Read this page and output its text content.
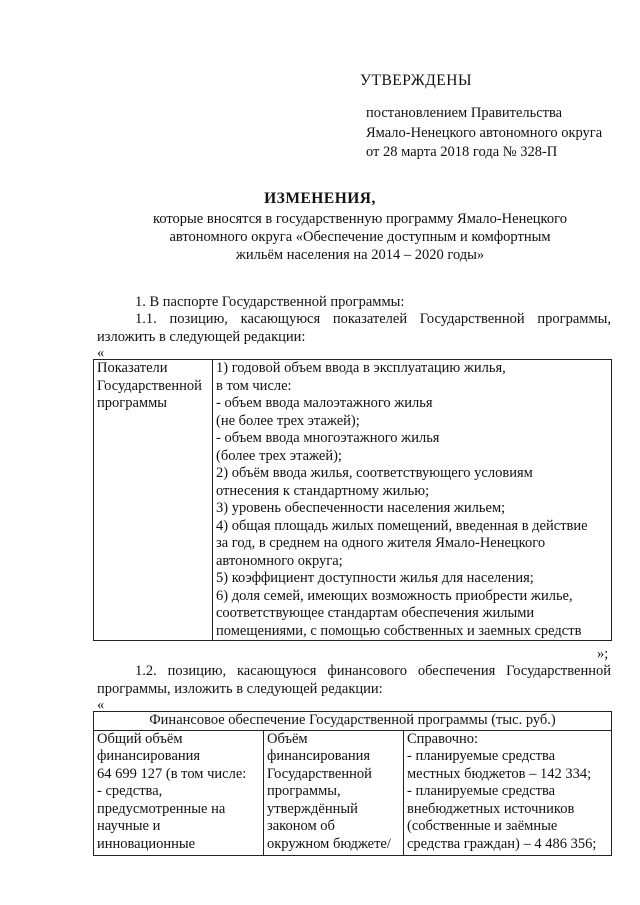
УТВЕРЖДЕНЫ
постановлением Правительства
Ямало-Ненецкого автономного округа
от 28 марта 2018 года № 328-П
ИЗМЕНЕНИЯ,
которые вносятся в государственную программу Ямало-Ненецкого
автономного округа «Обеспечение доступным и комфортным
жильём населения на 2014 – 2020 годы»
1. В паспорте Государственной программы:
1.1. позицию, касающуюся показателей Государственной программы,
изложить в следующей редакции:
«
Показатели
Государственной
программы

1) годовой объем ввода в эксплуатацию жилья,
в том числе:
- объем ввода малоэтажного жилья
(не более трех этажей);
- объем ввода многоэтажного жилья
(более трех этажей);
2) объём ввода жилья, соответствующего условиям
отнесения к стандартному жилью;
3) уровень обеспеченности населения жильем;
4) общая площадь жилых помещений, введенная в действие
за год, в среднем на одного жителя Ямало-Ненецкого
автономного округа;
5) коэффициент доступности жилья для населения;
6) доля семей, имеющих возможность приобрести жилье,
соответствующее стандартам обеспечения жилыми
помещениями, с помощью собственных и заемных средств
»;
1.2. позицию, касающуюся финансового обеспечения Государственной
программы, изложить в следующей редакции:
«
Финансовое обеспечение Государственной программы (тыс. руб.)

Общий объём
финансирования
64 699 127 (в том числе:
- средства,
предусмотренные на
научные и
инновационные

Объём
финансирования
Государственной
программы,
утверждённый
законом об
окружном бюджете/

Справочно:
- планируемые средства
местных бюджетов – 142 334;
- планируемые средства
внебюджетных источников
(собственные и заёмные
средства граждан) – 4 486 356;
